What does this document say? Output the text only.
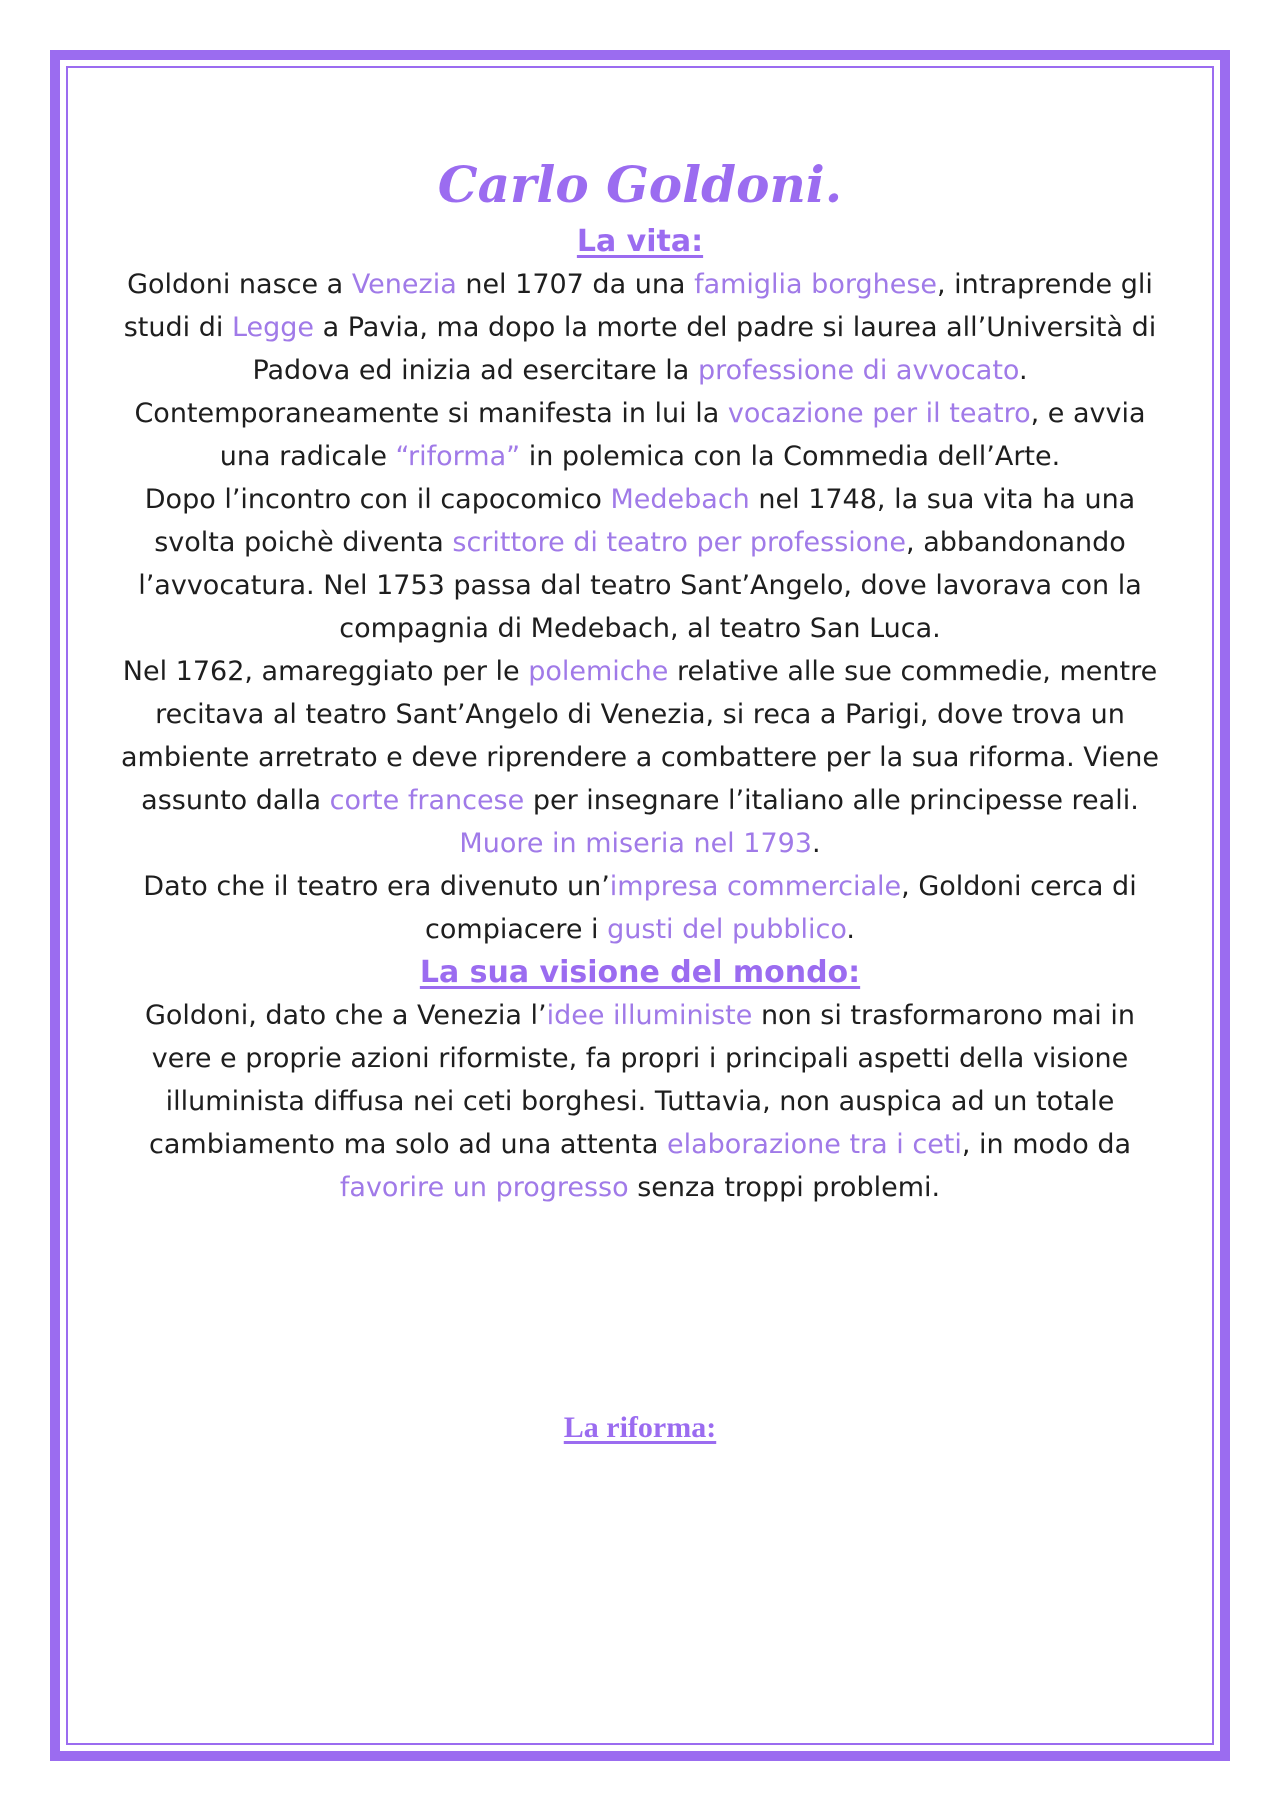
Carlo Goldoni.
La vita:

Goldoni nasce a Venezia nel 1707 da una famiglia borghese, intraprende gli studi di Legge a Pavia, ma dopo la morte del padre si laurea all’Università di Padova ed inizia ad esercitare la professione di avvocato. Contemporaneamente si manifesta in lui la vocazione per il teatro, e avvia una radicale “riforma” in polemica con la Commedia dell’Arte.

Dopo l’incontro con il capocomico Medebach nel 1748, la sua vita ha una svolta poichè diventa scrittore di teatro per professione, abbandonando l’avvocatura. Nel 1753 passa dal teatro Sant’Angelo, dove lavorava con la compagnia di Medebach, al teatro San Luca.

Nel 1762, amareggiato per le polemiche relative alle sue commedie, mentre recitava al teatro Sant’Angelo di Venezia, si reca a Parigi, dove trova un ambiente arretrato e deve riprendere a combattere per la sua riforma. Viene assunto dalla corte francese per insegnare l’italiano alle principesse reali. Muore in miseria nel 1793.

Dato che il teatro era divenuto un’impresa commerciale, Goldoni cerca di compiacere i gusti del pubblico.

La sua visione del mondo:

Goldoni, dato che a Venezia l’idee illuministe non si trasformarono mai in vere e proprie azioni riformiste, fa propri i principali aspetti della visione illuminista diffusa nei ceti borghesi. Tuttavia, non auspica ad un totale cambiamento ma solo ad una attenta elaborazione tra i ceti, in modo da favorire un progresso senza troppi problemi.

La riforma:
